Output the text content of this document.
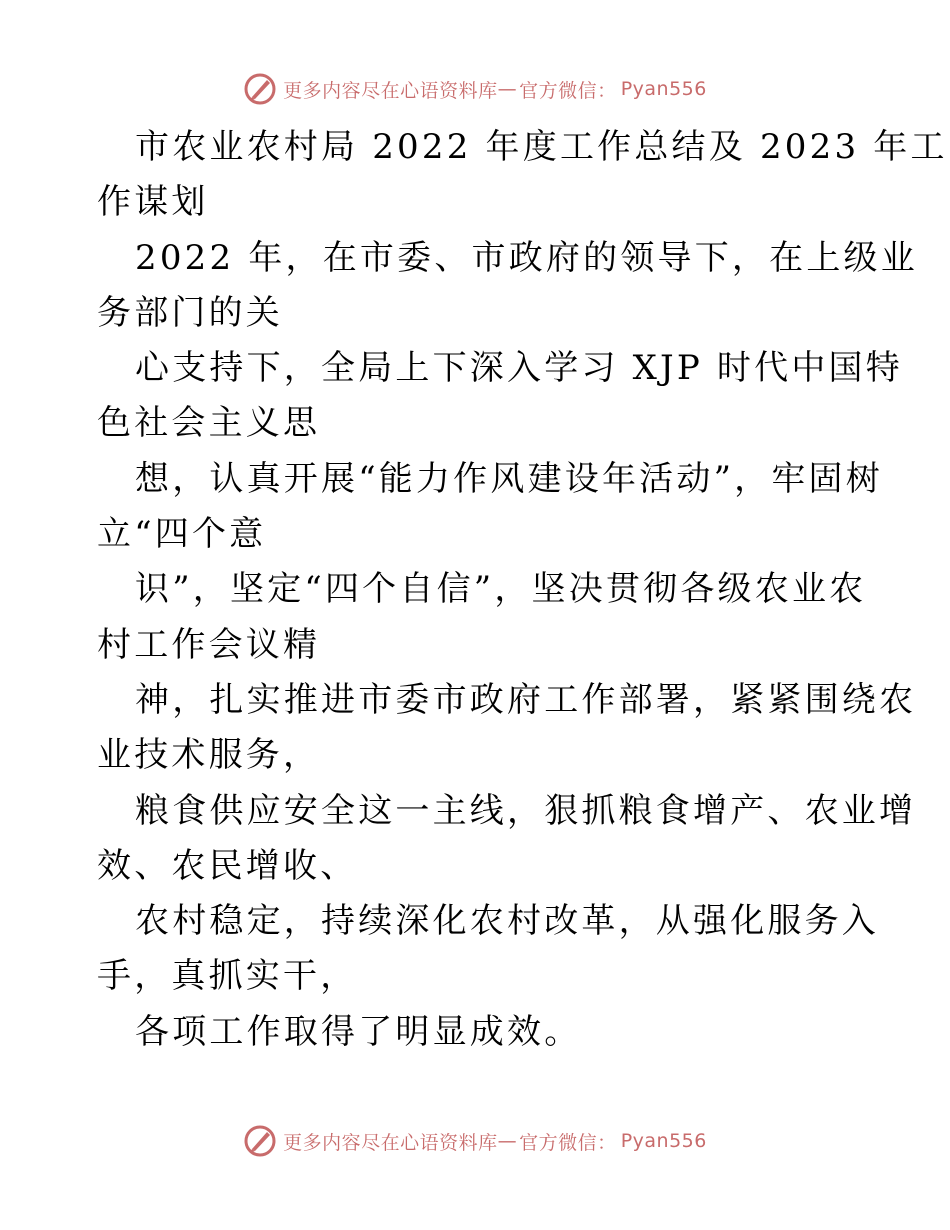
更多内容尽在心语资料库 — 官方微信： Pyan556
市农业农村局 2022 年度工作总结及 2023 年工
作谋划
2022 年，在市委、市政府的领导下，在上级业
务部门的关
心支持下，全局上下深入学习 XJP 时代中国特
色社会主义思
想，认真开展“能力作风建设年活动”，牢固树
立“四个意
识”，坚定“四个自信”，坚决贯彻各级农业农
村工作会议精
神，扎实推进市委市政府工作部署，紧紧围绕农
业技术服务，
粮食供应安全这一主线，狠抓粮食增产、农业增
效、农民增收、
农村稳定，持续深化农村改革，从强化服务入
手，真抓实干，
各项工作取得了明显成效。
更多内容尽在心语资料库 — 官方微信： Pyan556
